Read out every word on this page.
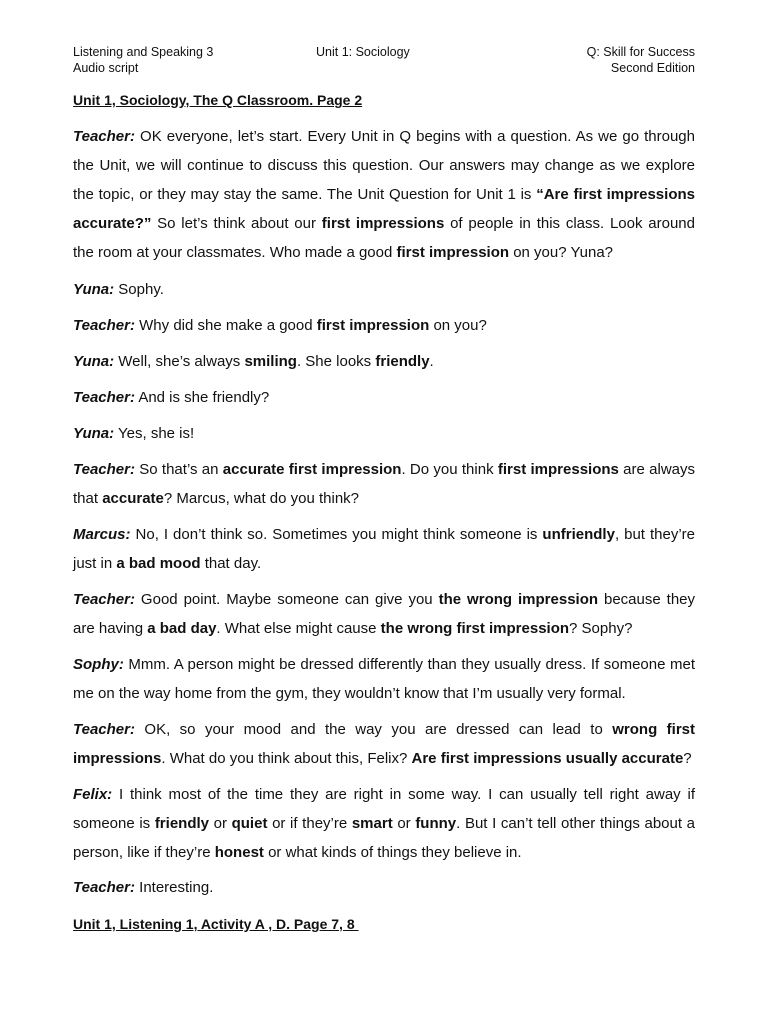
Listening and Speaking 3
Audio script
Unit 1: Sociology	Q: Skill for Success
Second Edition
Unit 1, Sociology, The Q Classroom. Page 2

Teacher: OK everyone, let’s start. Every Unit in Q begins with a question. As we go through the Unit, we will continue to discuss this question. Our answers may change as we explore the topic, or they may stay the same. The Unit Question for Unit 1 is “Are first impressions accurate?” So let’s think about our first impressions of people in this class. Look around the room at your classmates. Who made a good first impression on you? Yuna?

Yuna: Sophy.

Teacher: Why did she make a good first impression on you?

Yuna: Well, she’s always smiling. She looks friendly.

Teacher: And is she friendly?

Yuna: Yes, she is!

Teacher: So that’s an accurate first impression. Do you think first impressions are always that accurate? Marcus, what do you think?

Marcus: No, I don’t think so. Sometimes you might think someone is unfriendly, but they’re just in a bad mood that day.

Teacher: Good point. Maybe someone can give you the wrong impression because they are having a bad day. What else might cause the wrong first impression? Sophy?

Sophy: Mmm. A person might be dressed differently than they usually dress. If someone met me on the way home from the gym, they wouldn’t know that I’m usually very formal.

Teacher: OK, so your mood and the way you are dressed can lead to wrong first impressions. What do you think about this, Felix? Are first impressions usually accurate?

Felix: I think most of the time they are right in some way. I can usually tell right away if someone is friendly or quiet or if they’re smart or funny. But I can’t tell other things about a person, like if they’re honest or what kinds of things they believe in.

Teacher: Interesting.

Unit 1, Listening 1, Activity A , D. Page 7, 8
